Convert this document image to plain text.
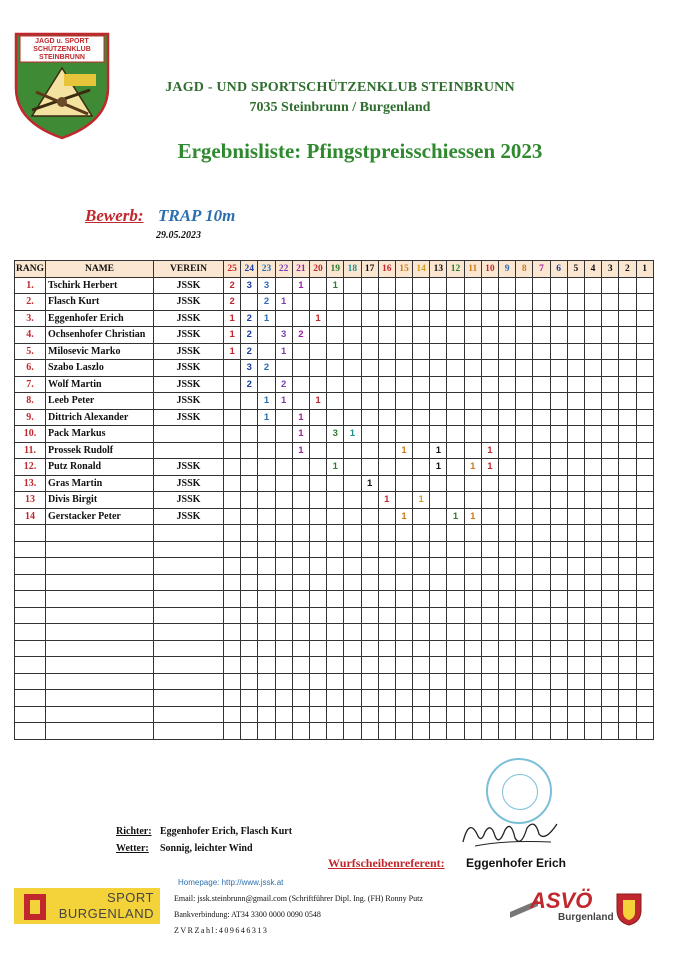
JAGD u. SPORT
SCHÜTZENKLUB
STEINBRUNN
JAGD - UND SPORTSCHÜTZENKLUB STEINBRUNN
7035 Steinbrunn / Burgenland
Ergebnisliste: Pfingstpreisschiessen 2023
Bewerb: TRAP 10m
29.05.2023
RANG	NAME	VEREIN	25	24	23	22	21	20	19	18	17	16	15	14	13	12	11	10	9	8	7	6	5	4	3	2	1
1.	Tschirk Herbert	JSSK	2	3	3		1		1																		
2.	Flasch Kurt	JSSK	2		2	1																					
3.	Eggenhofer Erich	JSSK	1	2	1			1																			
4.	Ochsenhofer Christian	JSSK	1	2		3	2																				
5.	Milosevic Marko	JSSK	1	2		1																					
6.	Szabo Laszlo	JSSK		3	2																						
7.	Wolf Martin	JSSK		2		2																					
8.	Leeb Peter	JSSK			1	1		1																			
9.	Dittrich Alexander	JSSK			1		1																				
10.	Pack Markus						1		3	1																	
11.	Prossek Rudolf						1						1		1			1									
12.	Putz Ronald	JSSK							1						1		1	1									
13.	Gras Martin	JSSK									1																
13	Divis Birgit	JSSK										1		1													
14	Gerstacker Peter	JSSK											1			1	1										

Richter: Eggenhofer Erich, Flasch Kurt
Wetter: Sonnig, leichter Wind
Wurfscheibenreferent: Eggenhofer Erich
SPORT
BURGENLAND
Homepage: http://www.jssk.at
Email: jssk.steinbrunn@gmail.com (Schriftführer Dipl. Ing. (FH) Ronny Putz
Bankverbindung: AT34 3300 0000 0090 0548
ZVRZahl:409646313
ASVÖ
Burgenland
